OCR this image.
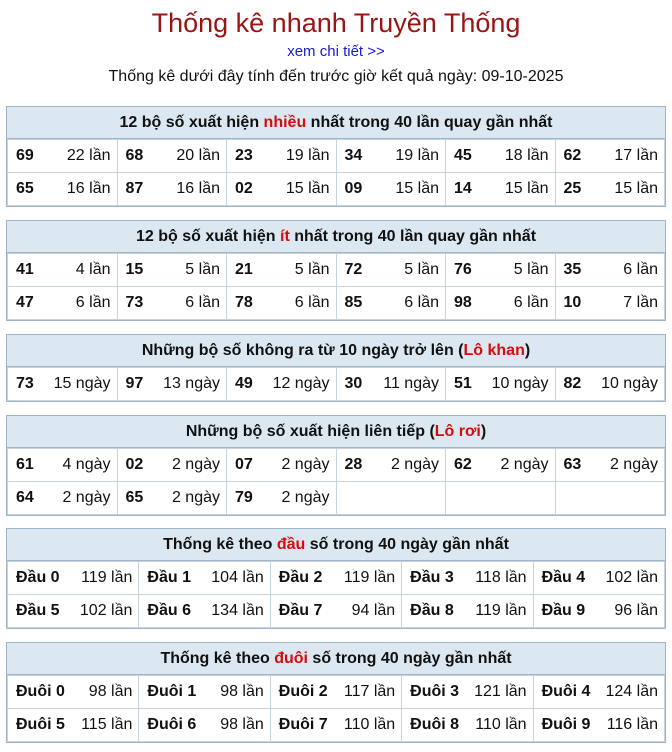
Thống kê nhanh Truyền Thống
xem chi tiết >>
Thống kê dưới đây tính đến trước giờ kết quả ngày: 09-10-2025
12 bộ số xuất hiện nhiều nhất trong 40 lần quay gần nhất
69 22 lần	68 20 lần	23 19 lần	34 19 lần	45 18 lần	62 17 lần

65 16 lần	87 16 lần	02 15 lần	09 15 lần	14 15 lần	25 15 lần
12 bộ số xuất hiện ít nhất trong 40 lần quay gần nhất
41 4 lần	15 5 lần	21 5 lần	72 5 lần	76 5 lần	35 6 lần

47 6 lần	73 6 lần	78 6 lần	85 6 lần	98 6 lần	10 7 lần
Những bộ số không ra từ 10 ngày trở lên (Lô khan)
73 15 ngày	97 13 ngày	49 12 ngày	30 11 ngày	51 10 ngày	82 10 ngày
Những bộ số xuất hiện liên tiếp (Lô rơi)
61 4 ngày	02 2 ngày	07 2 ngày	28 2 ngày	62 2 ngày	63 2 ngày

64 2 ngày	65 2 ngày	79 2 ngày			

Thống kê theo đầu số trong 40 ngày gần nhất
Đầu 0 119 lần	Đầu 1 104 lần	Đầu 2 119 lần	Đầu 3 118 lần	Đầu 4 102 lần

Đầu 5 102 lần	Đầu 6 134 lần	Đầu 7 94 lần	Đầu 8 119 lần	Đầu 9 96 lần
Thống kê theo đuôi số trong 40 ngày gần nhất
Đuôi 0 98 lần	Đuôi 1 98 lần	Đuôi 2 117 lần	Đuôi 3 121 lần	Đuôi 4 124 lần

Đuôi 5 115 lần	Đuôi 6 98 lần	Đuôi 7 110 lần	Đuôi 8 110 lần	Đuôi 9 116 lần
